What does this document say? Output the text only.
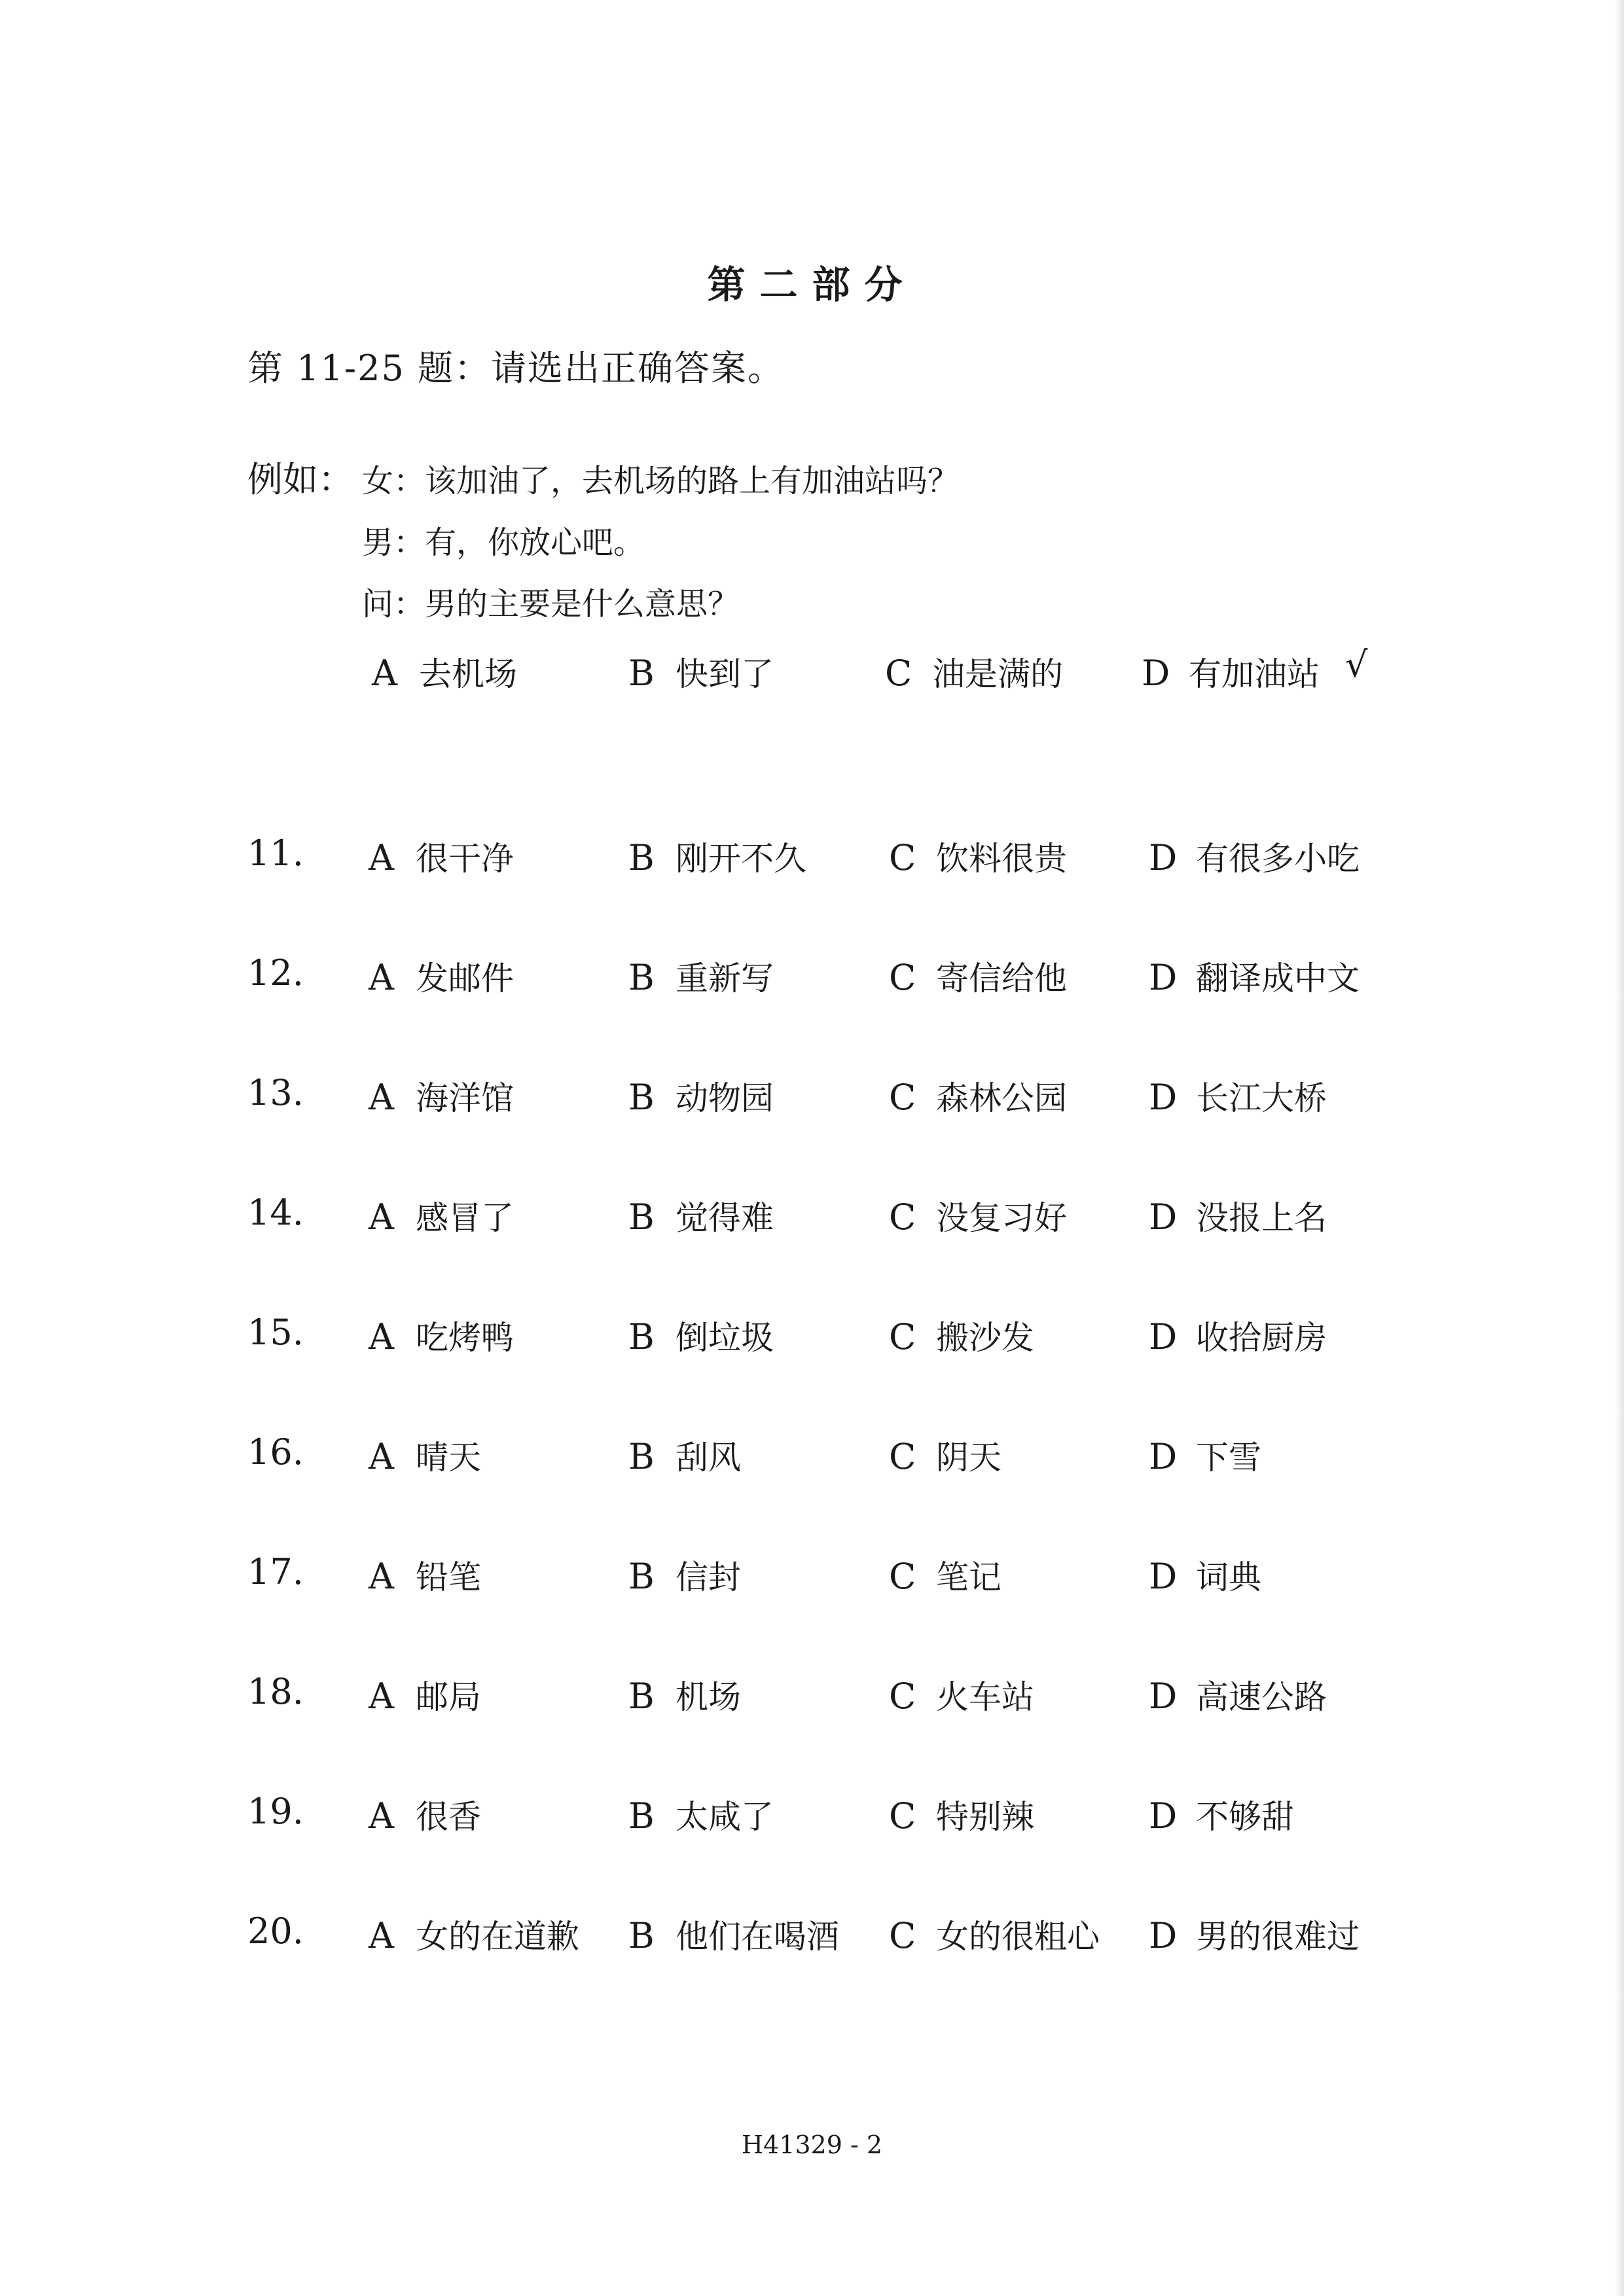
第二部分
第 11-25 题：请选出正确答案。
例如： 女：该加油了，去机场的路上有加油站吗？
男：有，你放心吧。
问：男的主要是什么意思？
A 去机场	B 快到了	C 油是满的 D 有加油站 √
11. A 很干净	B 刚开不久 C 饮料很贵 D 有很多小吃
12. A 发邮件	B 重新写	C 寄信给他 D 翻译成中文
13. A 海洋馆	B 动物园	C 森林公园 D 长江大桥
14. A 感冒了	B 觉得难	C 没复习好 D 没报上名
15. A 吃烤鸭	B 倒垃圾	C 搬沙发	D 收拾厨房
16. A 晴天	B 刮风	C 阴天	D 下雪
17. A 铅笔	B 信封	C 笔记	D 词典
18. A 邮局	B 机场	C 火车站	D 高速公路
19. A 很香	B 太咸了	C 特别辣	D 不够甜
20. A 女的在道歉 B 他们在喝酒 C 女的很粗心 D 男的很难过
H41329 - 2
